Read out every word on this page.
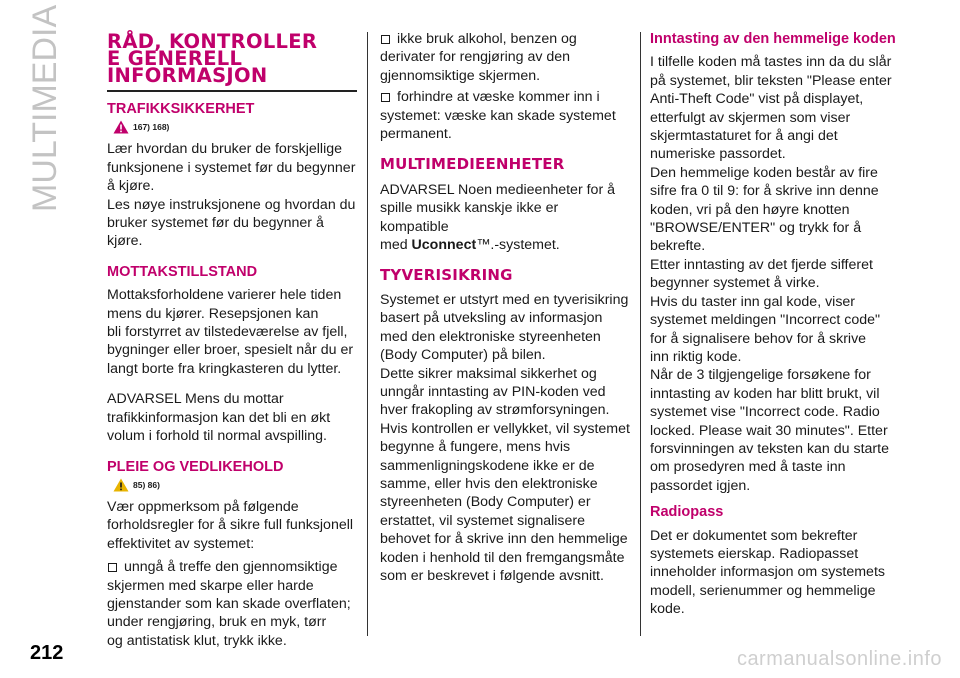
MULTIMEDIA RÅD, KONTROLLER
E GENERELL
INFORMASJON
TRAFIKKSIKKERHET
167) 168)

Lær hvordan du bruker de forskjellige
funksjonene i systemet før du begynner
å kjøre.
Les nøye instruksjonene og hvordan du
bruker systemet før du begynner å
kjøre.

MOTTAKSTILLSTAND

Mottaksforholdene varierer hele tiden
mens du kjører. Resepsjonen kan
bli forstyrret av tilstedeværelse av fjell,
bygninger eller broer, spesielt når du er
langt borte fra kringkasteren du lytter.

ADVARSEL Mens du mottar
trafikkinformasjon kan det bli en økt
volum i forhold til normal avspilling.

PLEIE OG VEDLIKEHOLD
85) 86)

Vær oppmerksom på følgende
forholdsregler for å sikre full funksjonell
effektivitet av systemet:

unngå å treffe den gjennomsiktige

skjermen med skarpe eller harde
gjenstander som kan skade overflaten;
under rengjøring, bruk en myk, tørr
og antistatisk klut, trykk ikke.

ikke bruk alkohol, benzen og

derivater for rengjøring av den
gjennomsiktige skjermen.

forhindre at væske kommer inn i

systemet: væske kan skade systemet
permanent.

MULTIMEDIEENHETER

ADVARSEL Noen medieenheter for å
spille musikk kanskje ikke er kompatible
med Uconnect™.-systemet.

TYVERISIKRING

Systemet er utstyrt med en tyverisikring
basert på utveksling av informasjon
med den elektroniske styreenheten
(Body Computer) på bilen.
Dette sikrer maksimal sikkerhet og
unngår inntasting av PIN-koden ved
hver frakopling av strømforsyningen.
Hvis kontrollen er vellykket, vil systemet
begynne å fungere, mens hvis
sammenligningskodene ikke er de
samme, eller hvis den elektroniske
styreenheten (Body Computer) er
erstattet, vil systemet signalisere
behovet for å skrive inn den hemmelige
koden i henhold til den fremgangsmåte
som er beskrevet i følgende avsnitt.

Inntasting av den hemmelige koden

I tilfelle koden må tastes inn da du slår
på systemet, blir teksten "Please enter
Anti-Theft Code" vist på displayet,
etterfulgt av skjermen som viser
skjermtastaturet for å angi det
numeriske passordet.
Den hemmelige koden består av fire
sifre fra 0 til 9: for å skrive inn denne
koden, vri på den høyre knotten
"BROWSE/ENTER" og trykk for å
bekrefte.
Etter inntasting av det fjerde sifferet
begynner systemet å virke.
Hvis du taster inn gal kode, viser
systemet meldingen "Incorrect code"
for å signalisere behov for å skrive
inn riktig kode.
Når de 3 tilgjengelige forsøkene for
inntasting av koden har blitt brukt, vil
systemet vise "Incorrect code. Radio
locked. Please wait 30 minutes". Etter
forsvinningen av teksten kan du starte
om prosedyren med å taste inn
passordet igjen.

Radiopass

Det er dokumentet som bekrefter
systemets eierskap. Radiopasset
inneholder informasjon om systemets
modell, serienummer og hemmelige
kode.

212	carmanualsonline.info
